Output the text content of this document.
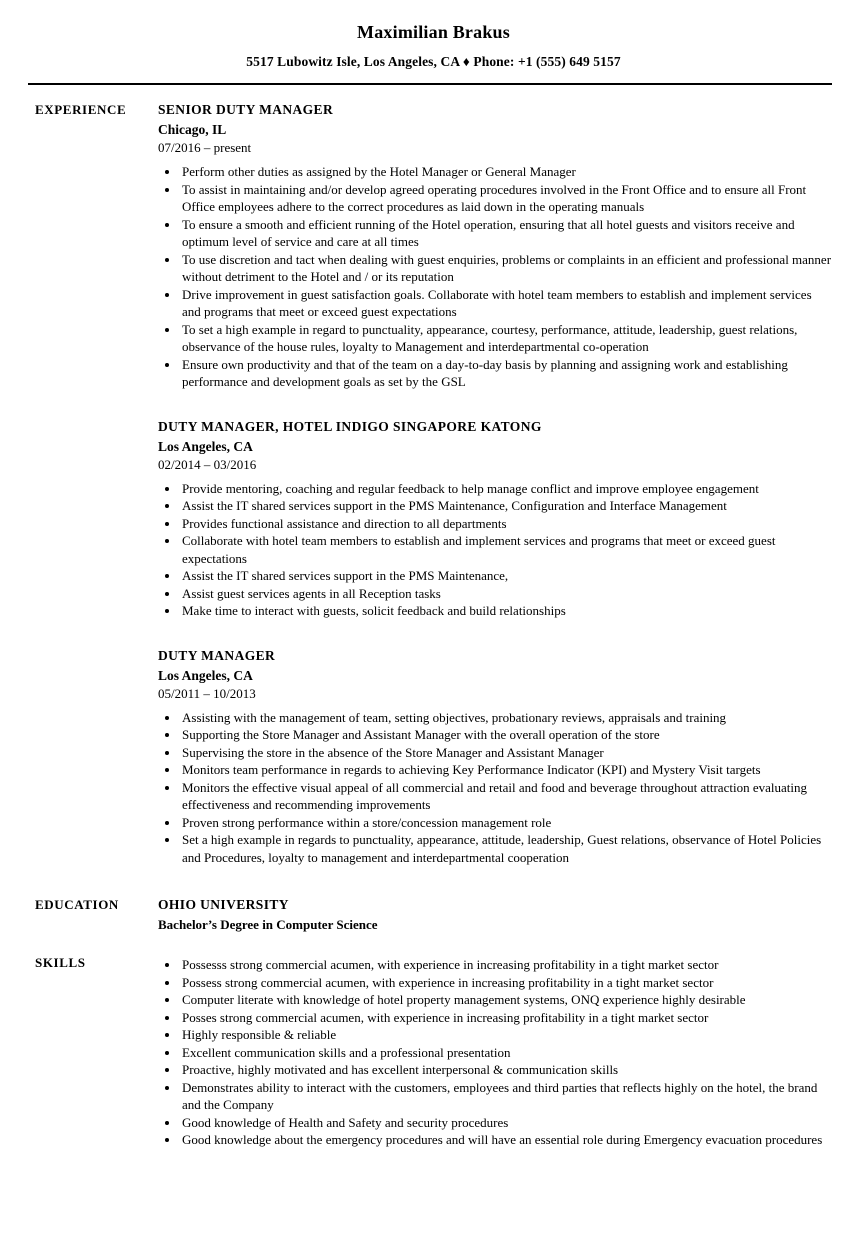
Maximilian Brakus
5517 Lubowitz Isle, Los Angeles, CA ♦ Phone: +1 (555) 649 5157
EXPERIENCE	SENIOR DUTY MANAGER
Chicago, IL
07/2016 – present
• Perform other duties as assigned by the Hotel Manager or General Manager
• To assist in maintaining and/or develop agreed operating procedures involved in the Front Office and to ensure all Front Office employees adhere to the correct procedures as laid down in the operating manuals
• To ensure a smooth and efficient running of the Hotel operation, ensuring that all hotel guests and visitors receive and optimum level of service and care at all times
• To use discretion and tact when dealing with guest enquiries, problems or complaints in an efficient and professional manner without detriment to the Hotel and / or its reputation
• Drive improvement in guest satisfaction goals. Collaborate with hotel team members to establish and implement services and programs that meet or exceed guest expectations
• To set a high example in regard to punctuality, appearance, courtesy, performance, attitude, leadership, guest relations, observance of the house rules, loyalty to Management and interdepartmental co-operation
• Ensure own productivity and that of the team on a day-to-day basis by planning and assigning work and establishing performance and development goals as set by the GSL
DUTY MANAGER, HOTEL INDIGO SINGAPORE KATONG
Los Angeles, CA
02/2014 – 03/2016
• Provide mentoring, coaching and regular feedback to help manage conflict and improve employee engagement
• Assist the IT shared services support in the PMS Maintenance, Configuration and Interface Management
• Provides functional assistance and direction to all departments
• Collaborate with hotel team members to establish and implement services and programs that meet or exceed guest expectations
• Assist the IT shared services support in the PMS Maintenance,
• Assist guest services agents in all Reception tasks
• Make time to interact with guests, solicit feedback and build relationships
DUTY MANAGER
Los Angeles, CA
05/2011 – 10/2013
• Assisting with the management of team, setting objectives, probationary reviews, appraisals and training
• Supporting the Store Manager and Assistant Manager with the overall operation of the store
• Supervising the store in the absence of the Store Manager and Assistant Manager
• Monitors team performance in regards to achieving Key Performance Indicator (KPI) and Mystery Visit targets
• Monitors the effective visual appeal of all commercial and retail and food and beverage throughout attraction evaluating effectiveness and recommending improvements
• Proven strong performance within a store/concession management role
• Set a high example in regards to punctuality, appearance, attitude, leadership, Guest relations, observance of Hotel Policies and Procedures, loyalty to management and interdepartmental cooperation
EDUCATION	OHIO UNIVERSITY
Bachelor’s Degree in Computer Science
SKILLS	• Possesss strong commercial acumen, with experience in increasing profitability in a tight market sector
• Possess strong commercial acumen, with experience in increasing profitability in a tight market sector
• Computer literate with knowledge of hotel property management systems, ONQ experience highly desirable
• Posses strong commercial acumen, with experience in increasing profitability in a tight market sector
• Highly responsible & reliable
• Excellent communication skills and a professional presentation
• Proactive, highly motivated and has excellent interpersonal & communication skills
• Demonstrates ability to interact with the customers, employees and third parties that reflects highly on the hotel, the brand and the Company
• Good knowledge of Health and Safety and security procedures
• Good knowledge about the emergency procedures and will have an essential role during Emergency evacuation procedures
